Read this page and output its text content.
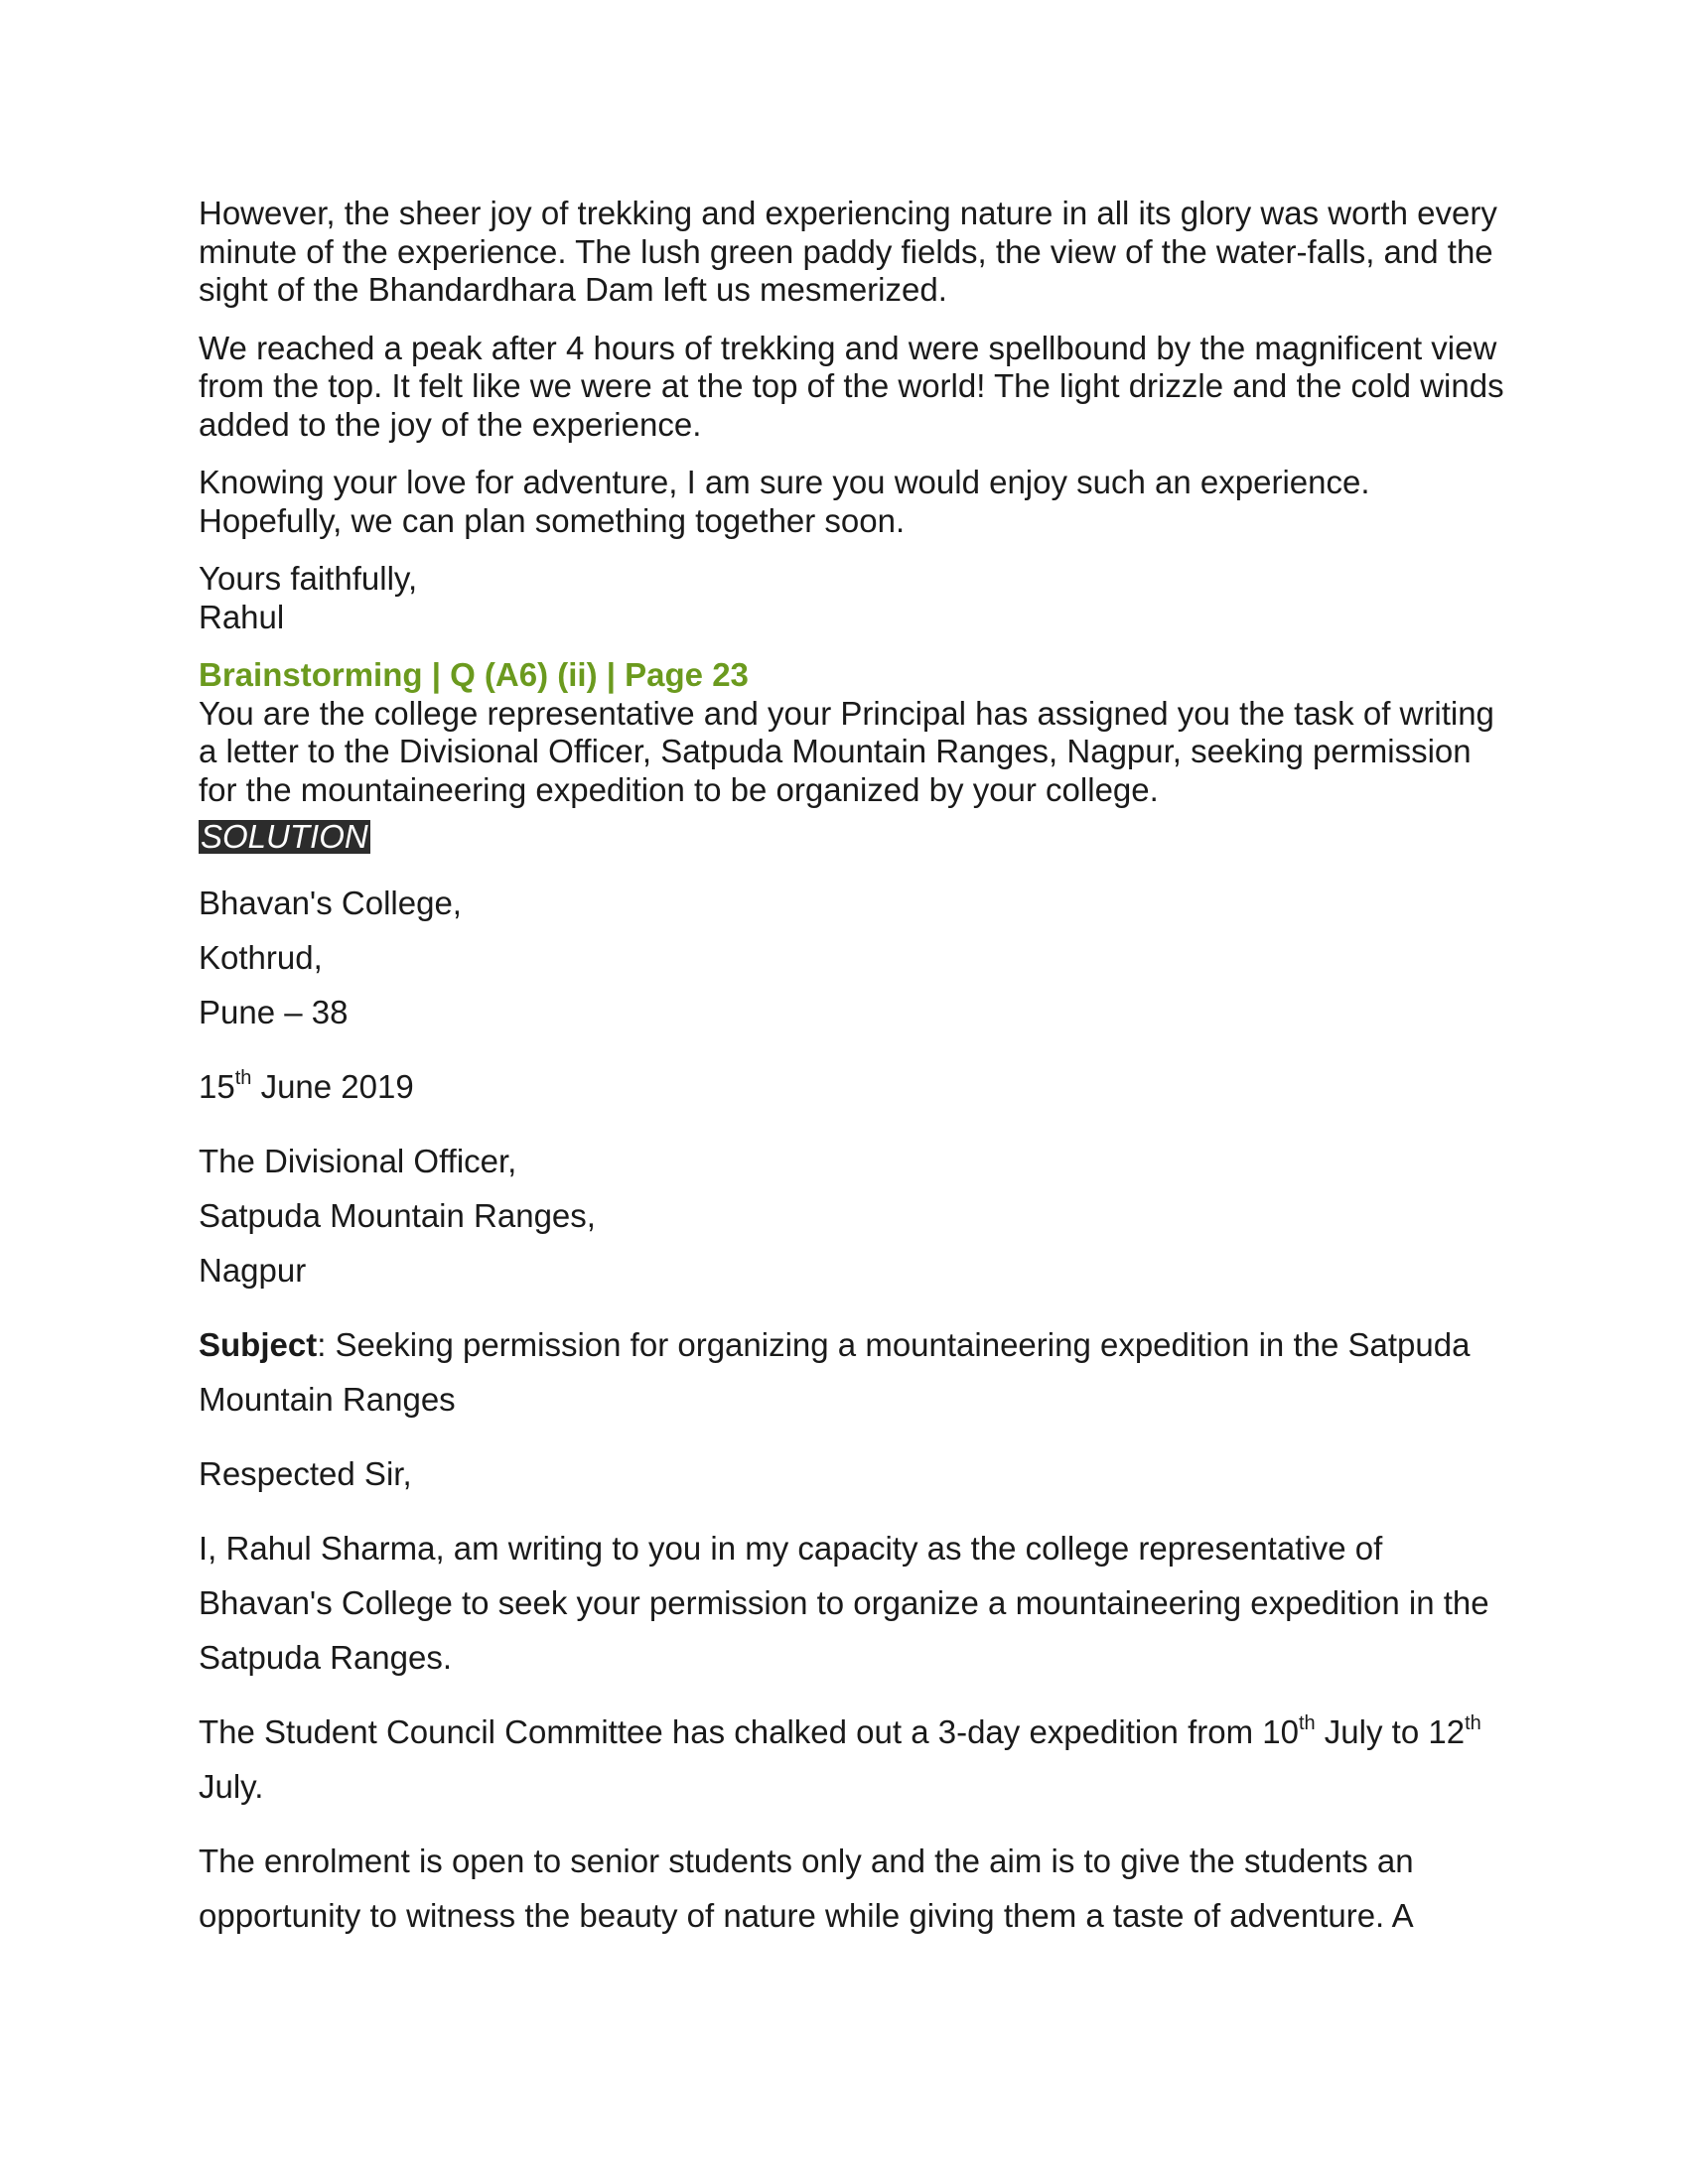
However, the sheer joy of trekking and experiencing nature in all its glory was worth every minute of the experience. The lush green paddy fields, the view of the water-falls, and the sight of the Bhandardhara Dam left us mesmerized.

We reached a peak after 4 hours of trekking and were spellbound by the magnificent view from the top. It felt like we were at the top of the world! The light drizzle and the cold winds added to the joy of the experience.

Knowing your love for adventure, I am sure you would enjoy such an experience. Hopefully, we can plan something together soon.

Yours faithfully,

Rahul

Brainstorming | Q (A6) (ii) | Page 23

You are the college representative and your Principal has assigned you the task of writing a letter to the Divisional Officer, Satpuda Mountain Ranges, Nagpur, seeking permission for the mountaineering expedition to be organized by your college.

SOLUTION

Bhavan's College,

Kothrud,

Pune – 38

15th June 2019

The Divisional Officer,

Satpuda Mountain Ranges,

Nagpur

Subject: Seeking permission for organizing a mountaineering expedition in the Satpuda Mountain Ranges

Respected Sir,

I, Rahul Sharma, am writing to you in my capacity as the college representative of Bhavan's College to seek your permission to organize a mountaineering expedition in the Satpuda Ranges.

The Student Council Committee has chalked out a 3-day expedition from 10th July to 12th July.

The enrolment is open to senior students only and the aim is to give the students an opportunity to witness the beauty of nature while giving them a taste of adventure. A
